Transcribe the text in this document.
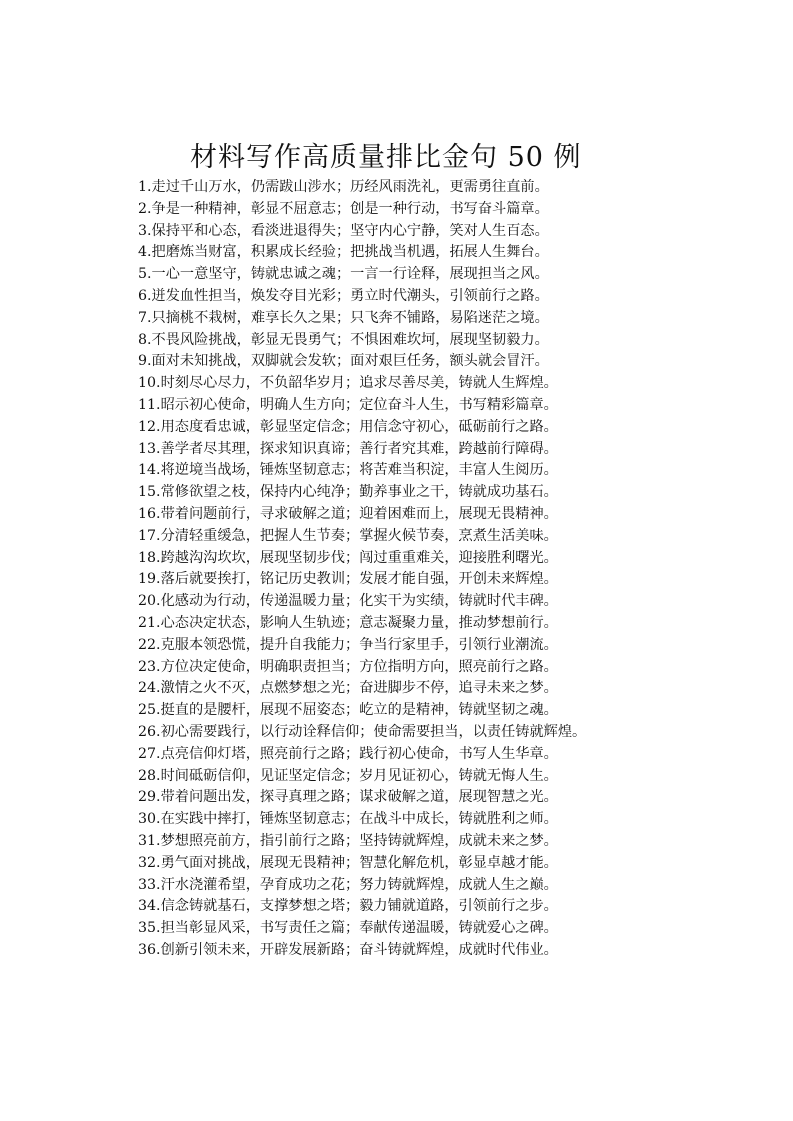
材料写作高质量排比金句 50 例
1.走过千山万水，仍需跋山涉水；历经风雨洗礼，更需勇往直前。
2.争是一种精神，彰显不屈意志；创是一种行动，书写奋斗篇章。
3.保持平和心态，看淡进退得失；坚守内心宁静，笑对人生百态。
4.把磨炼当财富，积累成长经验；把挑战当机遇，拓展人生舞台。
5.一心一意坚守，铸就忠诚之魂；一言一行诠释，展现担当之风。
6.迸发血性担当，焕发夺目光彩；勇立时代潮头，引领前行之路。
7.只摘桃不栽树，难享长久之果；只飞奔不铺路，易陷迷茫之境。
8.不畏风险挑战，彰显无畏勇气；不惧困难坎坷，展现坚韧毅力。
9.面对未知挑战，双脚就会发软；面对艰巨任务，额头就会冒汗。
10.时刻尽心尽力，不负韶华岁月；追求尽善尽美，铸就人生辉煌。
11.昭示初心使命，明确人生方向；定位奋斗人生，书写精彩篇章。
12.用态度看忠诚，彰显坚定信念；用信念守初心，砥砺前行之路。
13.善学者尽其理，探求知识真谛；善行者究其难，跨越前行障碍。
14.将逆境当战场，锤炼坚韧意志；将苦难当积淀，丰富人生阅历。
15.常修欲望之枝，保持内心纯净；勤养事业之干，铸就成功基石。
16.带着问题前行，寻求破解之道；迎着困难而上，展现无畏精神。
17.分清轻重缓急，把握人生节奏；掌握火候节奏，烹煮生活美味。
18.跨越沟沟坎坎，展现坚韧步伐；闯过重重难关，迎接胜利曙光。
19.落后就要挨打，铭记历史教训；发展才能自强，开创未来辉煌。
20.化感动为行动，传递温暖力量；化实干为实绩，铸就时代丰碑。
21.心态决定状态，影响人生轨迹；意志凝聚力量，推动梦想前行。
22.克服本领恐慌，提升自我能力；争当行家里手，引领行业潮流。
23.方位决定使命，明确职责担当；方位指明方向，照亮前行之路。
24.激情之火不灭，点燃梦想之光；奋进脚步不停，追寻未来之梦。
25.挺直的是腰杆，展现不屈姿态；屹立的是精神，铸就坚韧之魂。
26.初心需要践行，以行动诠释信仰；使命需要担当，以责任铸就辉煌。
27.点亮信仰灯塔，照亮前行之路；践行初心使命，书写人生华章。
28.时间砥砺信仰，见证坚定信念；岁月见证初心，铸就无悔人生。
29.带着问题出发，探寻真理之路；谋求破解之道，展现智慧之光。
30.在实践中摔打，锤炼坚韧意志；在战斗中成长，铸就胜利之师。
31.梦想照亮前方，指引前行之路；坚持铸就辉煌，成就未来之梦。
32.勇气面对挑战，展现无畏精神；智慧化解危机，彰显卓越才能。
33.汗水浇灌希望，孕育成功之花；努力铸就辉煌，成就人生之巅。
34.信念铸就基石，支撑梦想之塔；毅力铺就道路，引领前行之步。
35.担当彰显风采，书写责任之篇；奉献传递温暖，铸就爱心之碑。
36.创新引领未来，开辟发展新路；奋斗铸就辉煌，成就时代伟业。
